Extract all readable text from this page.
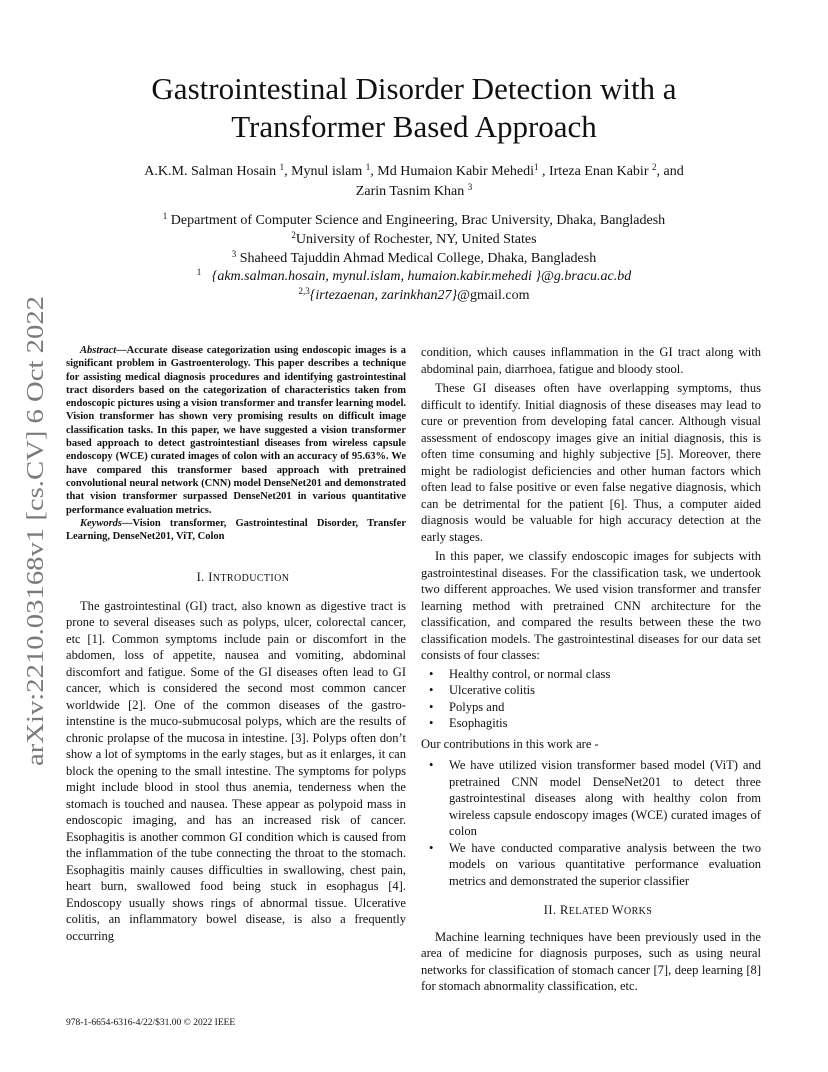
Gastrointestinal Disorder Detection with a
Transformer Based Approach
A.K.M. Salman Hosain $^1$, Mynul islam $^1$, Md Humaion Kabir Mehedi$^1$ , Irteza Enan Kabir $^2$, and
Zarin Tasnim Khan $^3$
$^1$ Department of Computer Science and Engineering, Brac University, Dhaka, Bangladesh
$^2$University of Rochester, NY, United States
$^3$ Shaheed Tajuddin Ahmad Medical College, Dhaka, Bangladesh
$^1$ {akm.salman.hosain, mynul.islam, humaion.kabir.mehedi }@g.bracu.ac.bd
$^{2,3}${irtezaenan, zarinkhan27}@gmail.com
arXiv:2210.03168v1 [cs.CV] 6 Oct 2022

Abstract—Accurate disease categorization using endoscopic images is a significant problem in Gastroenterology. This paper describes a technique for assisting medical diagnosis procedures and identifying gastrointestinal tract disorders based on the categorization of characteristics taken from endoscopic pictures using a vision transformer and transfer learning model. Vision transformer has shown very promising results on difficult image classification tasks. In this paper, we have suggested a vision transformer based approach to detect gastrointestianl diseases from wireless capsule endoscopy (WCE) curated images of colon with an accuracy of 95.63%. We have compared this transformer based approach with pretrained convolutional neural network (CNN) model DenseNet201 and demonstrated that vision transformer surpassed DenseNet201 in various quantitative performance evaluation metrics.

Keywords—Vision transformer, Gastrointestinal Disorder, Transfer Learning, DenseNet201, ViT, Colon

I. INTRODUCTION

The gastrointestinal (GI) tract, also known as digestive tract is prone to several diseases such as polyps, ulcer, colorectal cancer, etc [1]. Common symptoms include pain or discomfort in the abdomen, loss of appetite, nausea and vomiting, abdominal discomfort and fatigue. Some of the GI diseases often lead to GI cancer, which is considered the second most common cancer worldwide [2]. One of the common diseases of the gastro-intenstine is the muco-submucosal polyps, which are the results of chronic prolapse of the mucosa in intestine. [3]. Polyps often don’t show a lot of symptoms in the early stages, but as it enlarges, it can block the opening to the small intestine. The symptoms for polyps might include blood in stool thus anemia, tenderness when the stomach is touched and nausea. These appear as polypoid mass in endoscopic imaging, and has an increased risk of cancer. Esophagitis is another common GI condition which is caused from the inflammation of the tube connecting the throat to the stomach. Esophagitis mainly causes difficulties in swallowing, chest pain, heart burn, swallowed food being stuck in esophagus [4]. Endoscopy usually shows rings of abnormal tissue. Ulcerative colitis, an inflammatory bowel disease, is also a frequently occurring

condition, which causes inflammation in the GI tract along with abdominal pain, diarrhoea, fatigue and bloody stool.

These GI diseases often have overlapping symptoms, thus difficult to identify. Initial diagnosis of these diseases may lead to cure or prevention from developing fatal cancer. Although visual assessment of endoscopy images give an initial diagnosis, this is often time consuming and highly subjective [5]. Moreover, there might be radiologist deficiencies and other human factors which often lead to false positive or even false negative diagnosis, which can be detrimental for the patient [6]. Thus, a computer aided diagnosis would be valuable for high accuracy detection at the early stages.

In this paper, we classify endoscopic images for subjects with gastrointestinal diseases. For the classification task, we undertook two different approaches. We used vision transformer and transfer learning method with pretrained CNN architecture for the classification, and compared the results between these the two classification models. The gastrointestinal diseases for our data set consists of four classes:

• Healthy control, or normal class
• Ulcerative colitis
• Polyps and
• Esophagitis

Our contributions in this work are -

• We have utilized vision transformer based model (ViT) and pretrained CNN model DenseNet201 to detect three gastrointestinal diseases along with healthy colon from wireless capsule endoscopy images (WCE) curated images of colon
• We have conducted comparative analysis between the two models on various quantitative performance evaluation metrics and demonstrated the superior classifier

II. RELATED WORKS

Machine learning techniques have been previously used in the area of medicine for diagnosis purposes, such as using neural networks for classification of stomach cancer [7], deep learning [8] for stomach abnormality classification, etc.

978-1-6654-6316-4/22/$31.00 © 2022 IEEE
